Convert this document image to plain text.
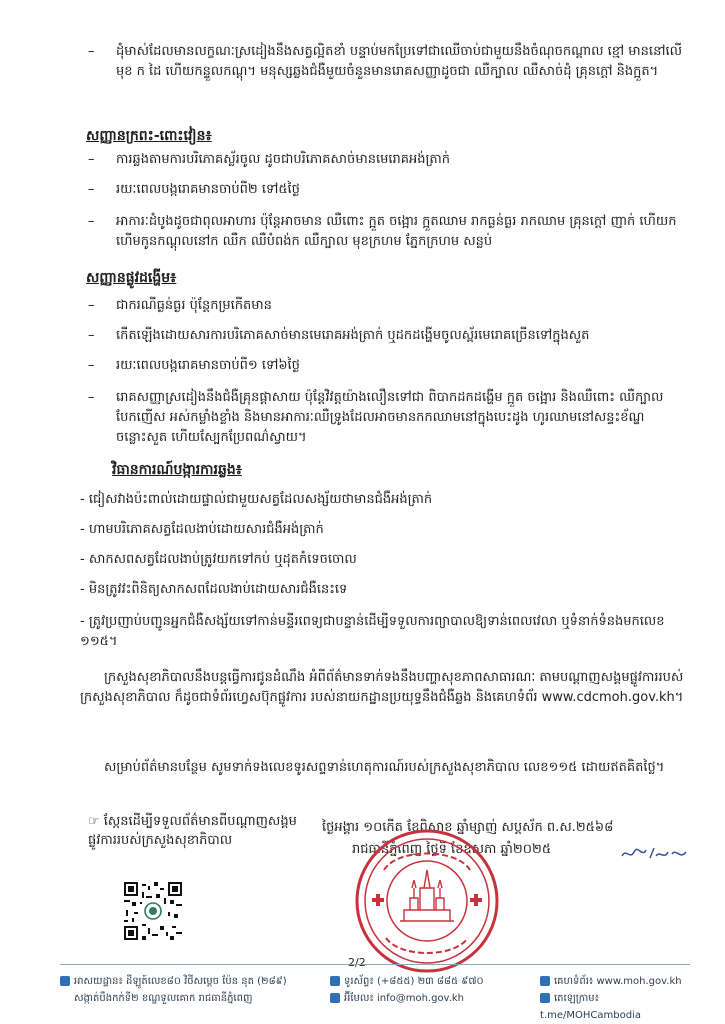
–	ដុំមាស់ដែលមានលក្ខណៈស្រដៀងនឹងសត្វល្អិតខាំ បន្ទាប់មកប្រែទៅជាឈើចាប់ជាមួយនឹងចំណុចកណ្តាល ខ្មៅ មាននៅលើមុខ ក ដៃ ហើយកន្ទួលកណ្តុ។ មនុស្សឆ្លងជំងឺមួយចំនួនមានរោគសញ្ញាដូចជា ឈឺក្បាល ឈឺសាច់ដុំ គ្រុនក្តៅ និងក្អួត។
សញ្ញានក្រពះ-ពោះវៀន៖
–	ការឆ្លងតាមការបរិភោគស្ល័រចូល ដូចជាបរិភោគសាច់មានមេរោគអង់ត្រាក់
–	រយៈពេលបង្ករោគមានចាប់ពី២ ទៅ៥ថ្ងៃ
–	អាការៈដំបូងដូចជាពុលអាហារ ប៉ុន្តែអាចមាន ឈឺពោះ ក្អួត ចង្អោរ ក្អួតឈាម រាកធ្ងន់ធ្ងរ រាកឈាម គ្រុនក្តៅ ញាក់ ហើយក ហើមកូនកណ្តុលនៅក ឈឺក ឈឺបំពង់ក ឈឺក្បាល មុខក្រហម ភ្នែកក្រហម សន្លប់
សញ្ញានផ្លូវដង្ហើម៖
–	ជាករណីធ្ងន់ធ្ងរ ប៉ុន្តែកម្រកើតមាន
–	កើតឡើងដោយសារការបរិភោគសាច់មានមេរោគអង់ត្រាក់ ឬដកដង្ហើមចូលស្ព័រមេរោគច្រើនទៅក្នុងសួត
–	រយៈពេលបង្ករោគមានចាប់ពី១ ទៅ៦ថ្ងៃ
–	រោគសញ្ញាស្រដៀងនឹងជំងឺគ្រុនផ្តាសាយ ប៉ុន្តែវិវត្តយ៉ាងលឿនទៅជា ពិបាកដកដង្ហើម ក្អួត ចង្អោរ និងឈឺពោះ ឈឺក្បាល បែកញើស អស់កម្លាំងខ្លាំង និងមានអាការៈឈឺទ្រូងដែលអាចមានកកឈាមនៅក្នុងបេះដូង ហូរឈាមនៅសន្ទះខ័ណ្ឌចន្លោះសួត ហើយស្បែកប្រែពណ៌ស្វាយ។
វិធានការណ៍បង្ការការឆ្លង៖
- ជៀសវាងប៉ះពាល់ដោយផ្ទាល់ជាមួយសត្វដែលសង្ស័យថាមានជំងឺអង់ត្រាក់
- ហាមបរិភោគសត្វដែលងាប់ដោយសារជំងឺអង់ត្រាក់
- សាកសពសត្វដែលងាប់ត្រូវយកទៅកប់ ឬដុតកំទេចចោល
- មិនត្រូវវះពិនិត្យសាកសពដែលងាប់ដោយសារជំងឺនេះទេ
- ត្រូវប្រញាប់បញ្ជូនអ្នកជំងឺសង្ស័យទៅកាន់មន្ទីរពេទ្យជាបន្ទាន់ដើម្បីទទួលការព្យាបាលឱ្យទាន់ពេលវេលា ឬទំនាក់ទំនងមកលេខ ១១៥។
ក្រសួងសុខាភិបាលនឹងបន្តធ្វើការជូនដំណឹង អំពីព័ត៌មានទាក់ទងនឹងបញ្ហាសុខភាពសាធារណៈ តាមបណ្តាញសង្គមផ្លូវការរបស់ក្រសួងសុខាភិបាល ក៏ដូចជាទំព័រហ្វេសប៊ុកផ្លូវការ របស់នាយកដ្ឋានប្រយុទ្ធនឹងជំងឺឆ្លង និងគេហទំព័រ www.cdcmoh.gov.kh។
សម្រាប់ព័ត៌មានបន្ថែម សូមទាក់ទងលេខទូរសព្ទទាន់ហេតុការណ៍របស់ក្រសួងសុខាភិបាល លេខ១១៥ ដោយឥតគិតថ្លៃ។
☞ ស្កែនដើម្បីទទួលព័ត៌មានពីបណ្តាញសង្គមផ្លូវការរបស់ក្រសួងសុខាភិបាល
ថ្ងៃអង្គារ ១០កើត ខែពិសាខ ឆ្នាំម្សាញ់ សប្តស័ក ព.ស.២៥៦៨
រាជធានីភ្នំពេញ ថ្ងៃទី ខែឧសភា ឆ្នាំ២០២៥
2/2
អាសយដ្ឋាន៖ ដីឡូត៍លេខ៨០ វិថីសម្ដេច ប៉ែន នុត (២៨៩)
សង្កាត់បឹងកក់ទី២ ខណ្ឌទួលគោក រាជធានីភ្នំពេញ
ទូរស័ព្ទ៖ (+៨៥៥) ២៣ ៨៨៥ ៩៧០
អ៊ីមែល៖ info@moh.gov.kh
គេហទំព័រ៖ www.moh.gov.kh
តេឡេក្រាម៖ t.me/MOHCambodia
